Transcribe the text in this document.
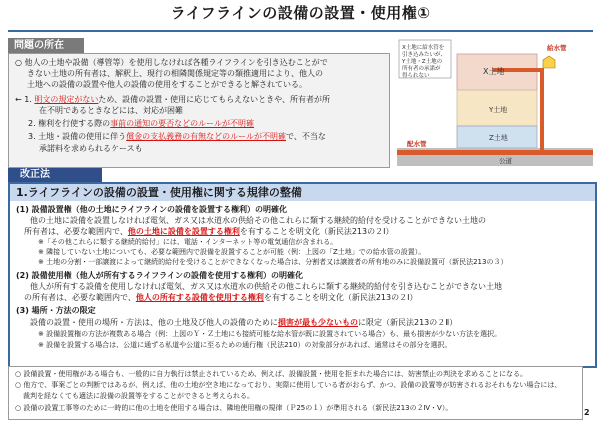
ライフラインの設備の設置・使用権①
問題の所在
○ 他人の土地や設備（導管等）を使用しなければ各種ライフラインを引き込むことがで
きない土地の所有者は、解釈上、現行の相隣関係規定等の類推適用により、他人の
土地への設備の設置や他人の設備の使用をすることができると解されている。
← 1. 明文の規定がないため、設備の設置・使用に応じてもらえないときや、所有者が所
在不明であるときなどには、対応が困難
2. 権利を行使する際の事前の通知の要否などのルールが不明確
3. 土地・設備の使用に伴う償金の支払義務の有無などのルールが不明確で、不当な
承諾料を求められるケースも
X土地に給水管を
引き込みたいが、
Y土地・Z土地の
所有者の承諾が
得られない	X土地
Y土地
Z土地
給水管
配水管
公道
改正法
1.ライフラインの設備の設置・使用権に関する規律の整備
(1) 設備設置権（他の土地にライフラインの設備を設置する権利）の明確化
他の土地に設備を設置しなければ電気、ガス又は水道水の供給その他これらに類する継続的給付を受けることができない土地の
所有者は、必要な範囲内で、他の土地に設備を設置する権利を有することを明文化（新民法213の２Ⅰ）
※「その他これらに類する継続的給付」には、電話・インターネット等の電気通信が含まれる。
※ 隣接していない土地についても、必要な範囲内で設備を設置することが可能（例：上図の「Z土地」での給水管の設置）。
※ 土地の分割・一部譲渡によって継続的給付を受けることができなくなった場合は、分割者又は譲渡者の所有地のみに設備設置可（新民法213の３）
(2) 設備使用権（他人が所有するライフラインの設備を使用する権利）の明確化
他人が所有する設備を使用しなければ電気、ガス又は水道水の供給その他これらに類する継続的給付を引き込むことができない土地
の所有者は、必要な範囲内で、他人の所有する設備を使用する権利を有することを明文化（新民法213の２Ⅰ）
(3) 場所・方法の限定
設備の設置・使用の場所・方法は、他の土地及び他人の設備のために損害が最も少ないものに限定（新民法213の２Ⅱ）
※ 設備設置権の方法が複数ある場合（例：上図のＹ・Ｚ土地にも接続可能な給水管が既に設置されている場合）も、最も損害が少ない方法を選択。
※ 設備を設置する場合は、公道に通ずる私道や公道に至るための通行権（民法210）の対象部分があれば、通常はその部分を選択。
○ 設備設置・使用権がある場合も、一般的に自力執行は禁止されているため、例えば、設備設置・使用を拒まれた場合には、妨害禁止の判決を求めることになる。
○ 他方で、事案ごとの判断ではあるが、例えば、他の土地が空き地になっており、実際に使用している者がおらず、かつ、設備の設置等が妨害されるおそれもない場合には、
裁判を経なくても適法に設備の設置等をすることができると考えられる。
○ 設備の設置工事等のために一時的に他の土地を使用する場合は、隣地使用権の規律（Ｐ25の１）が準用される（新民法213の２Ⅳ・Ⅴ）。	2
